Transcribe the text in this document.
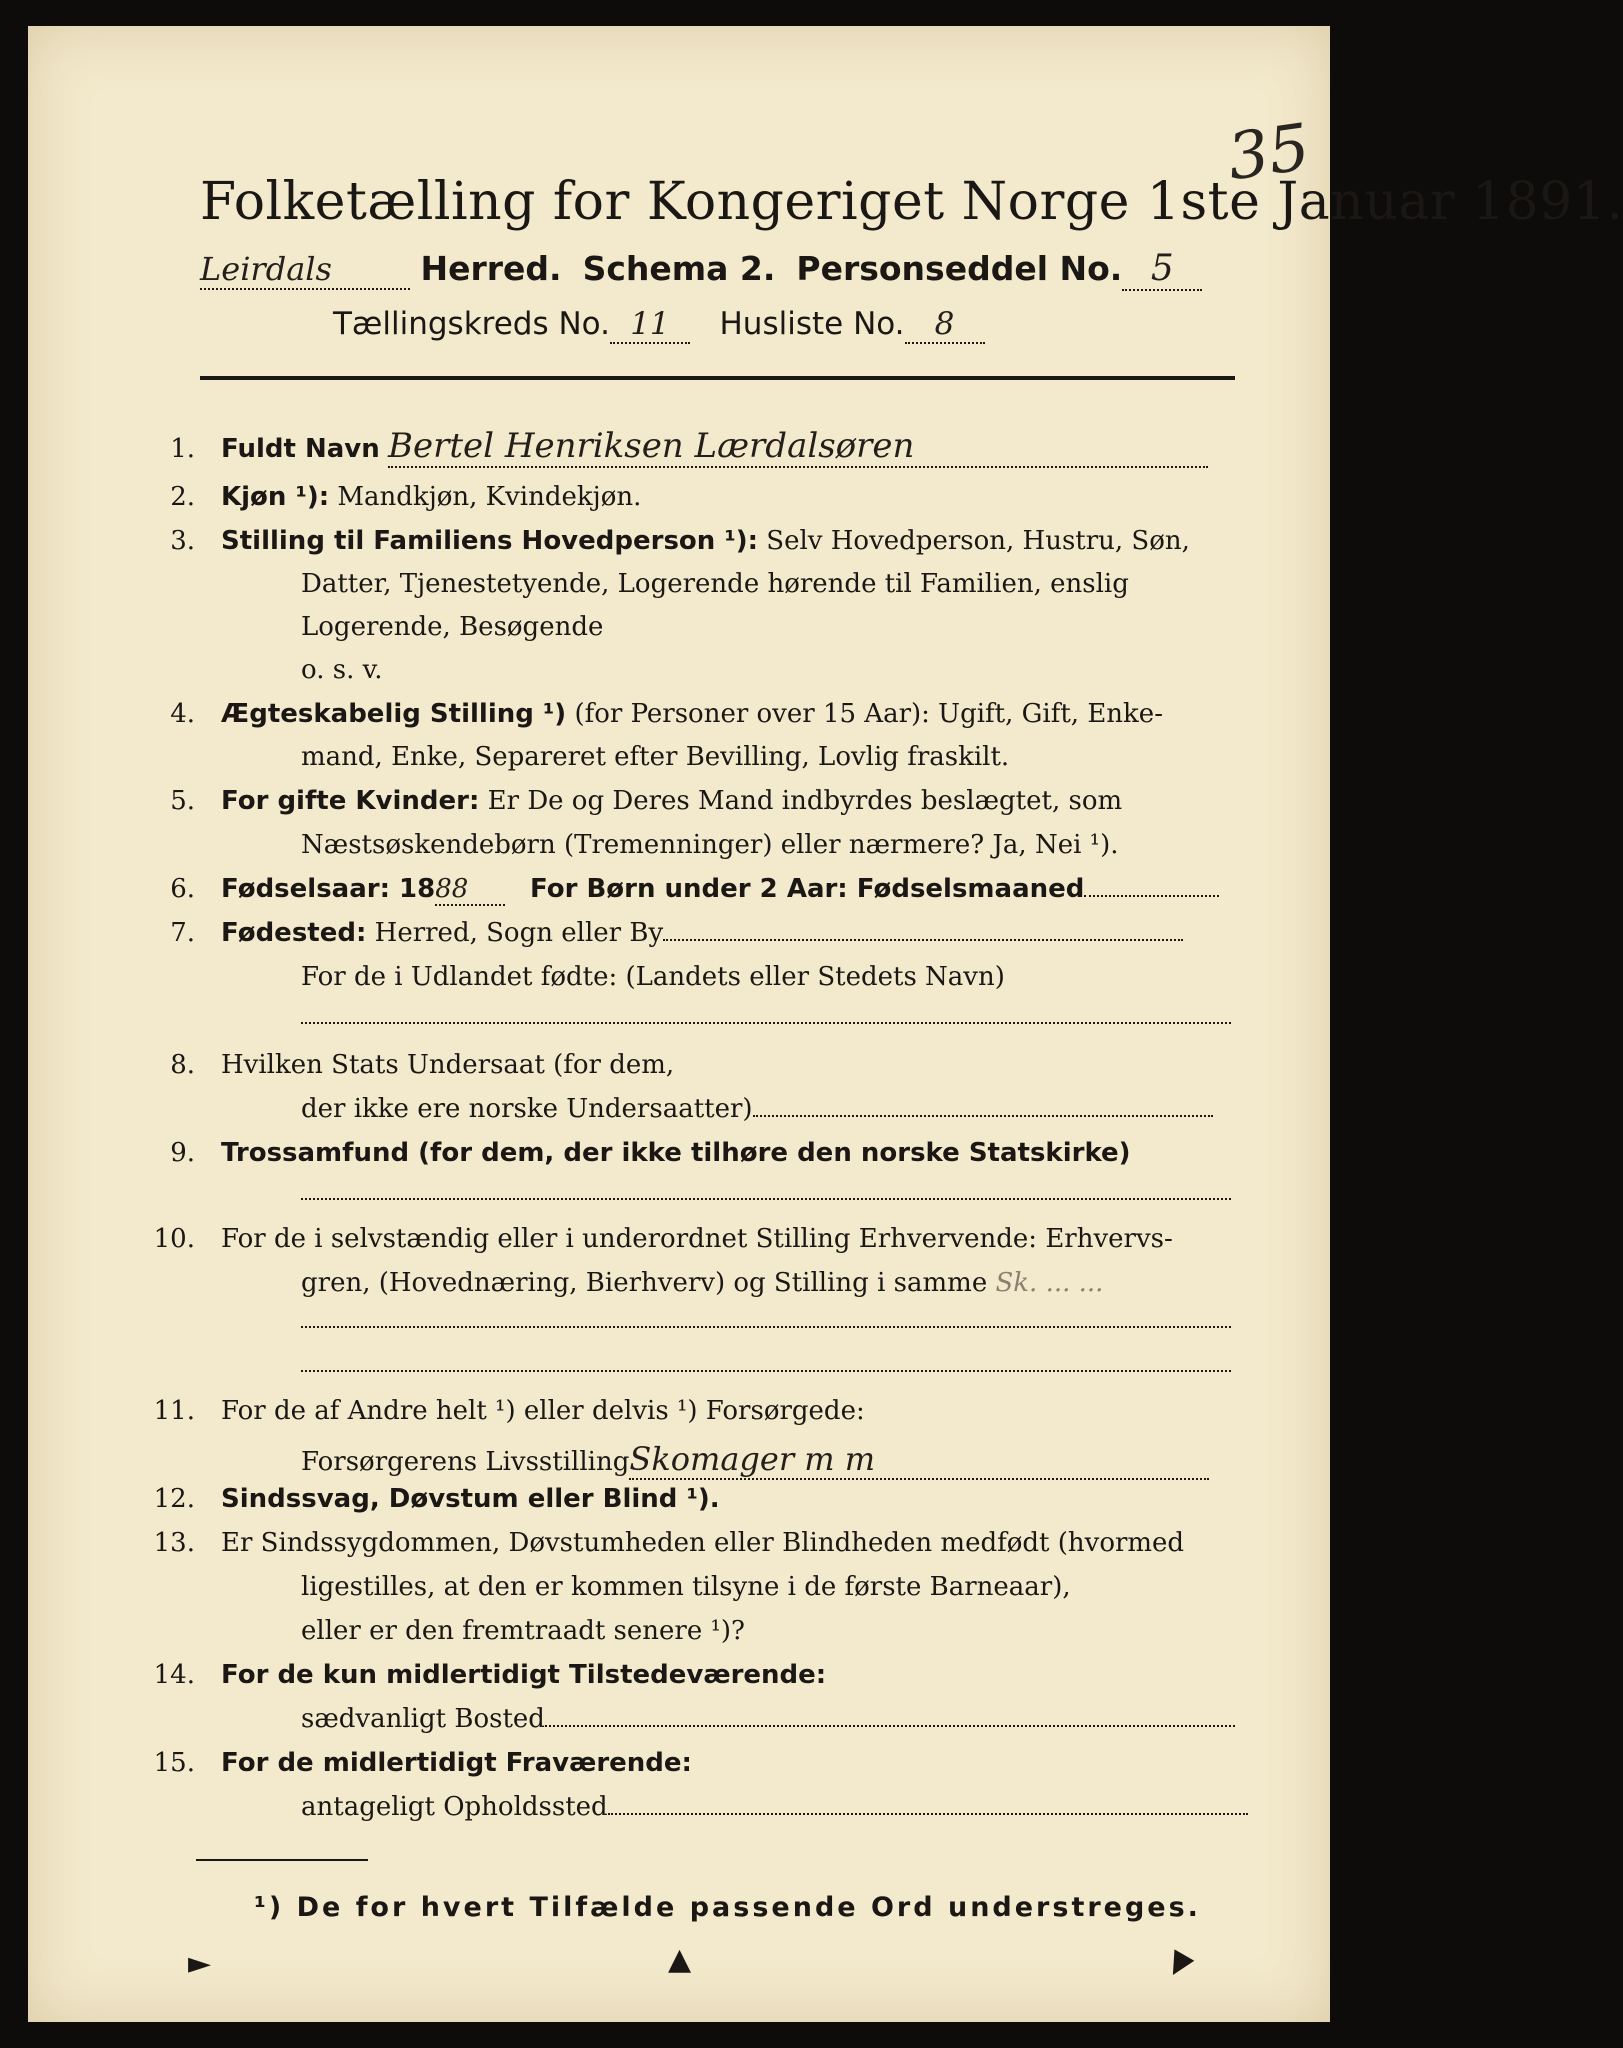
Folketælling for Kongeriget Norge 1ste Januar 1891.
35
Leirdals	Herred. Schema 2. Personseddel No. 5
Tællingskreds No. 11 Husliste No. 8
1. Fuldt Navn Bertel Henriksen Lærdalsøren
2. Kjøn ¹): Mandkjøn, Kvindekjøn.
3. Stilling til Familiens Hovedperson ¹): Selv Hovedperson, Hustru, Søn,
Datter, Tjenestetyende, Logerende hørende til Familien, enslig
Logerende, Besøgende
o. s. v.
4. Ægteskabelig Stilling ¹) (for Personer over 15 Aar): Ugift, Gift, Enke-
mand, Enke, Separeret efter Bevilling, Lovlig fraskilt.
5. For gifte Kvinder: Er De og Deres Mand indbyrdes beslægtet, som
Næstsøskendebørn (Tremenninger) eller nærmere? Ja, Nei ¹).
6. Fødselsaar: 1888 For Børn under 2 Aar: Fødselsmaaned
7. Fødested: Herred, Sogn eller By
For de i Udlandet fødte: (Landets eller Stedets Navn)
8. Hvilken Stats Undersaat (for dem,
der ikke ere norske Undersaatter)
9. Trossamfund (for dem, der ikke tilhøre den norske Statskirke)
10. For de i selvstændig eller i underordnet Stilling Erhvervende: Erhvervs-
gren, (Hovednæring, Bierhverv) og Stilling i samme Sk. ... ...
11. For de af Andre helt ¹) eller delvis ¹) Forsørgede:
Forsørgerens LivsstillingSkomager m m
12. Sindssvag, Døvstum eller Blind ¹).
13. Er Sindssygdommen, Døvstumheden eller Blindheden medfødt (hvormed
ligestilles, at den er kommen tilsyne i de første Barneaar),
eller er den fremtraadt senere ¹)?
14. For de kun midlertidigt Tilstedeværende:
sædvanligt Bosted
15. For de midlertidigt Fraværende:
antageligt Opholdssted
¹) De for hvert Tilfælde passende Ord understreges.
►	▲	▼
